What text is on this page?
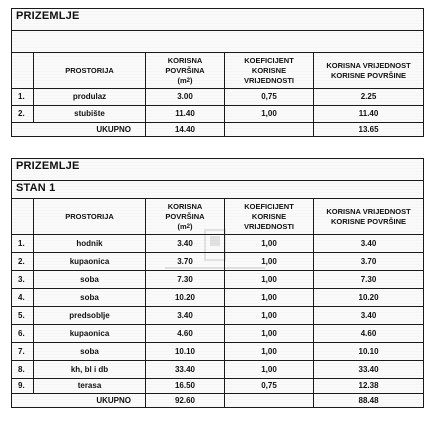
PRIZEMLJE				

	PROSTORIJA	KORISNA POVRŠINA
$(m^2)$	KOEFICIJENT KORISNE VRIJEDNOSTI	KORISNA VRIJEDNOST KORISNE POVRŠINE
1.	produlaz	3.00	0,75	2.25
2.	stubište	11.40	1,00	11.40
UKUPNO		14.40		13.65
PRIZEMLJE				
STAN 1				
	PROSTORIJA	KORISNA POVRŠINA
$(m^2)$	KOEFICIJENT KORISNE VRIJEDNOSTI	KORISNA VRIJEDNOST KORISNE POVRŠINE
1.	hodnik	3.40	1,00	3.40
2.	kupaonica	3.70	1,00	3.70
3.	soba	7.30	1,00	7.30
4.	soba	10.20	1,00	10.20
5.	predsoblje	3.40	1,00	3.40
6.	kupaonica	4.60	1,00	4.60
7.	soba	10.10	1,00	10.10
8.	kh, bl i db	33.40	1,00	33.40
9.	terasa	16.50	0,75	12.38
UKUPNO		92.60		88.48
